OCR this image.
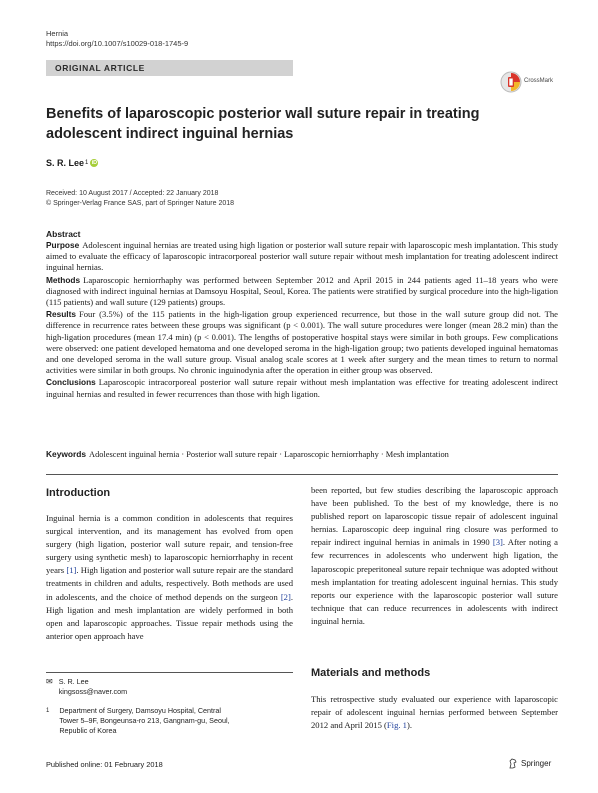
Hernia
https://doi.org/10.1007/s10029-018-1745-9
ORIGINAL ARTICLE
CrossMark
Benefits of laparoscopic posterior wall suture repair in treating adolescent indirect inguinal hernias
S. R. Lee 1 iD
Received: 10 August 2017 / Accepted: 22 January 2018
© Springer-Verlag France SAS, part of Springer Nature 2018
Abstract

Purpose Adolescent inguinal hernias are treated using high ligation or posterior wall suture repair with laparoscopic mesh implantation. This study aimed to evaluate the efficacy of laparoscopic intracorporeal posterior wall suture repair without mesh implantation for treating adolescent indirect inguinal hernias.

Methods Laparoscopic herniorrhaphy was performed between September 2012 and April 2015 in 244 patients aged 11–18 years who were diagnosed with indirect inguinal hernias at Damsoyu Hospital, Seoul, Korea. The patients were stratified by surgical procedure into the high-ligation (115 patients) and wall suture (129 patients) groups.

Results Four (3.5%) of the 115 patients in the high-ligation group experienced recurrence, but those in the wall suture group did not. The difference in recurrence rates between these groups was significant (p < 0.001). The wall suture procedures were longer (mean 28.2 min) than the high-ligation procedures (mean 17.4 min) (p < 0.001). The lengths of postoperative hospital stays were similar in both groups. Few complications were observed: one patient developed hematoma and one developed seroma in the high-ligation group; two patients developed inguinal hematomas and one developed seroma in the wall suture group. Visual analog scale scores at 1 week after surgery and the mean times to return to normal activities were similar in both groups. No chronic inguinodynia after the operation in either group was observed.

Conclusions Laparoscopic intracorporeal posterior wall suture repair without mesh implantation was effective for treating adolescent indirect inguinal hernias and resulted in fewer recurrences than those with high ligation.

Keywords Adolescent inguinal hernia · Posterior wall suture repair · Laparoscopic herniorrhaphy · Mesh implantation
Introduction

Inguinal hernia is a common condition in adolescents that requires surgical intervention, and its management has evolved from open surgery (high ligation, posterior wall suture repair, and tension-free surgery using synthetic mesh) to laparoscopic herniorrhaphy in recent years [1]. High ligation and posterior wall suture repair are the standard treatments in children and adults, respectively. Both methods are used in adolescents, and the choice of method depends on the surgeon [2]. High ligation and mesh implantation are widely performed in both open and laparoscopic approaches. Tissue repair methods using the anterior open approach have

✉ S. R. Lee
kingsoss@naver.com
1 Department of Surgery, Damsoyu Hospital, Central
Tower 5–9F, Bongeunsa-ro 213, Gangnam-gu, Seoul,
Republic of Korea

been reported, but few studies describing the laparoscopic approach have been published. To the best of my knowledge, there is no published report on laparoscopic tissue repair of adolescent inguinal hernias. Laparoscopic deep inguinal ring closure was performed to repair indirect inguinal hernias in animals in 1990 [3]. After noting a few recurrences in adolescents who underwent high ligation, the laparoscopic preperitoneal suture repair technique was adopted without mesh implantation for treating adolescent inguinal hernias. This study reports our experience with the laparoscopic posterior wall suture technique that can reduce recurrences in adolescents with indirect inguinal hernia.

Materials and methods

This retrospective study evaluated our experience with laparoscopic repair of adolescent inguinal hernias performed between September 2012 and April 2015 (Fig. 1).

Published online: 01 February 2018	Springer
